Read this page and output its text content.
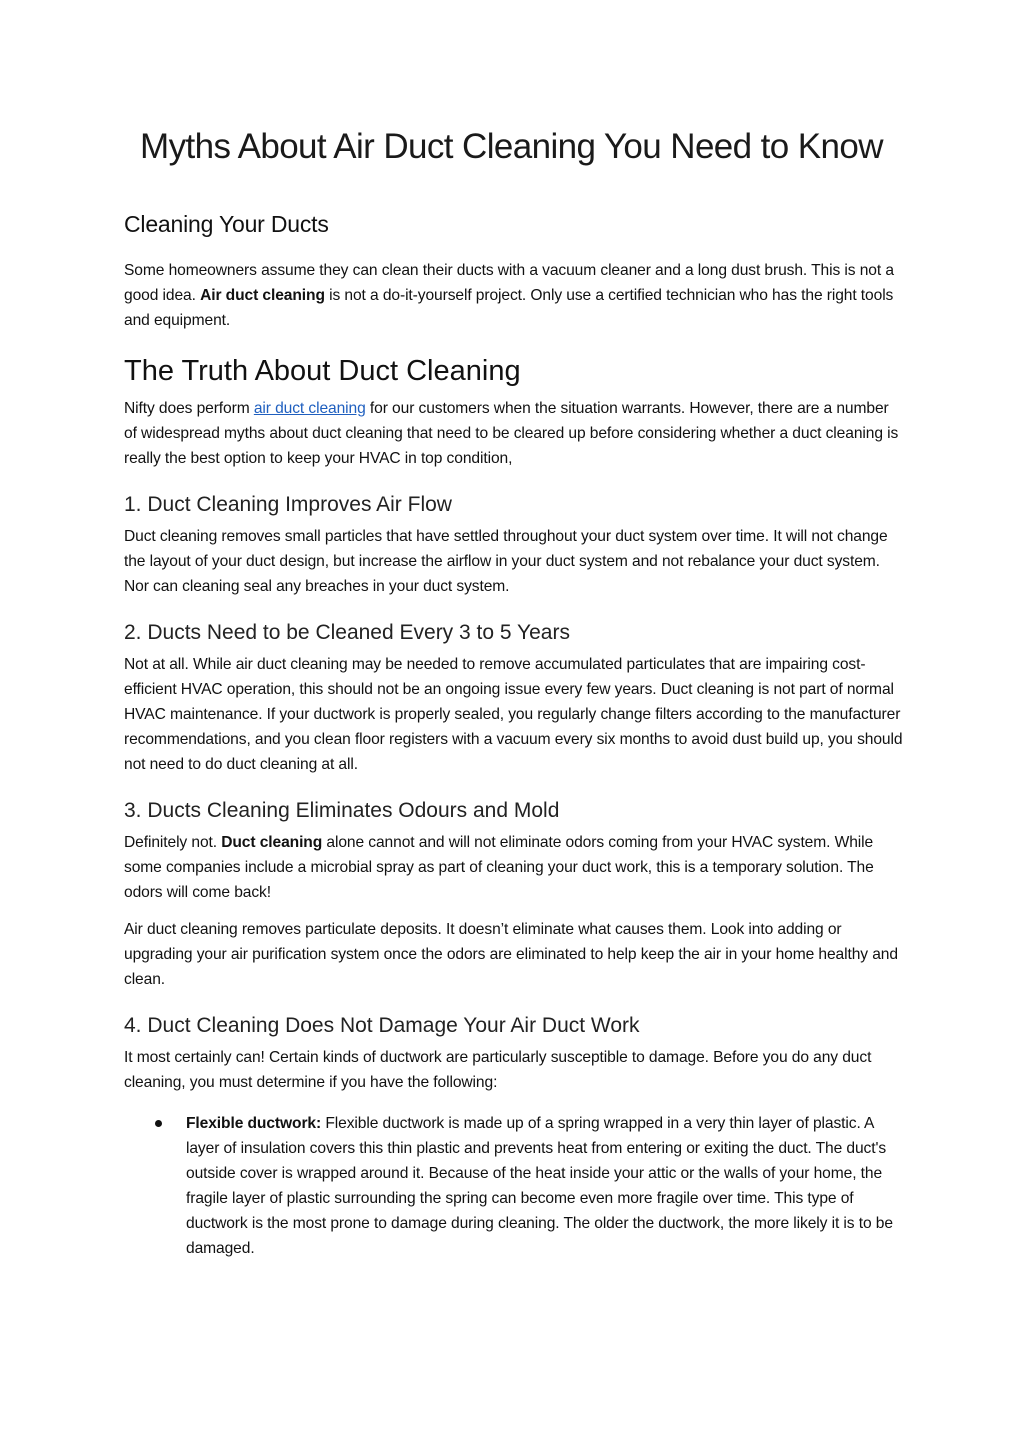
Myths About Air Duct Cleaning You Need to Know
Cleaning Your Ducts

Some homeowners assume they can clean their ducts with a vacuum cleaner and a long dust brush. This is not a good idea. Air duct cleaning is not a do-it-yourself project. Only use a certified technician who has the right tools and equipment.

The Truth About Duct Cleaning

Nifty does perform air duct cleaning for our customers when the situation warrants. However, there are a number of widespread myths about duct cleaning that need to be cleared up before considering whether a duct cleaning is really the best option to keep your HVAC in top condition,

1. Duct Cleaning Improves Air Flow

Duct cleaning removes small particles that have settled throughout your duct system over time. It will not change the layout of your duct design, but increase the airflow in your duct system and not rebalance your duct system. Nor can cleaning seal any breaches in your duct system.

2. Ducts Need to be Cleaned Every 3 to 5 Years

Not at all. While air duct cleaning may be needed to remove accumulated particulates that are impairing cost-efficient HVAC operation, this should not be an ongoing issue every few years. Duct cleaning is not part of normal HVAC maintenance. If your ductwork is properly sealed, you regularly change filters according to the manufacturer recommendations, and you clean floor registers with a vacuum every six months to avoid dust build up, you should not need to do duct cleaning at all.

3. Ducts Cleaning Eliminates Odours and Mold

Definitely not. Duct cleaning alone cannot and will not eliminate odors coming from your HVAC system. While some companies include a microbial spray as part of cleaning your duct work, this is a temporary solution. The odors will come back!

Air duct cleaning removes particulate deposits. It doesn’t eliminate what causes them. Look into adding or upgrading your air purification system once the odors are eliminated to help keep the air in your home healthy and clean.

4. Duct Cleaning Does Not Damage Your Air Duct Work

It most certainly can! Certain kinds of ductwork are particularly susceptible to damage. Before you do any duct cleaning, you must determine if you have the following:

Flexible ductwork: Flexible ductwork is made up of a spring wrapped in a very thin layer of plastic. A layer of insulation covers this thin plastic and prevents heat from entering or exiting the duct. The duct's outside cover is wrapped around it. Because of the heat inside your attic or the walls of your home, the fragile layer of plastic surrounding the spring can become even more fragile over time. This type of ductwork is the most prone to damage during cleaning. The older the ductwork, the more likely it is to be damaged.
